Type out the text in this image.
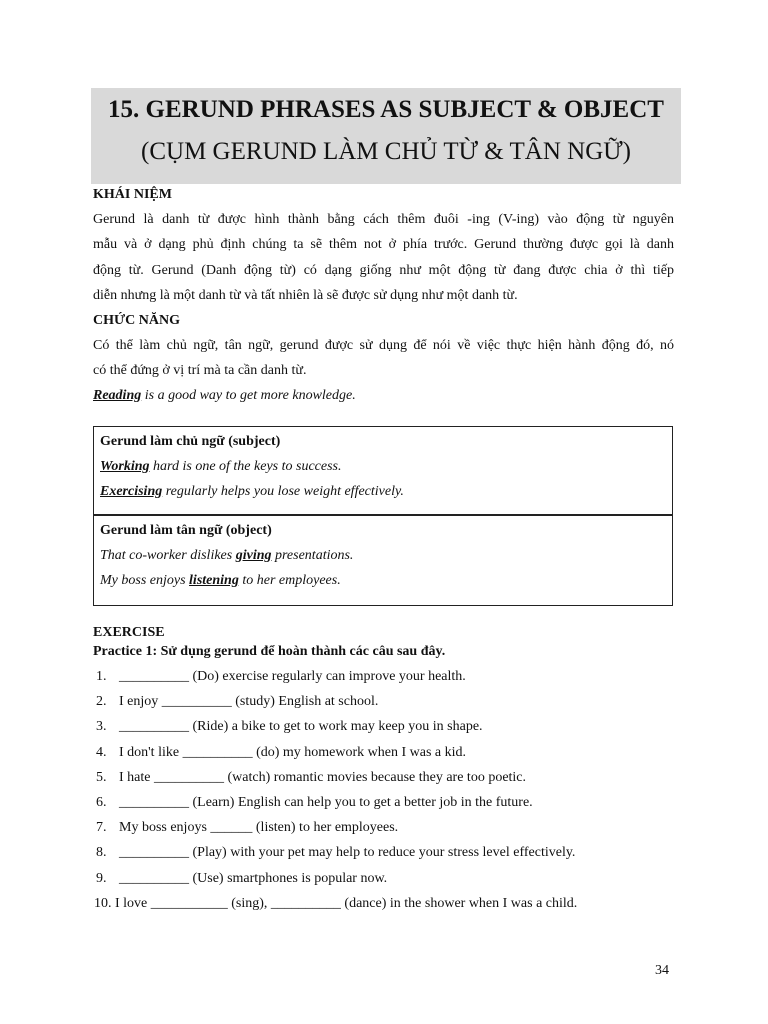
15. GERUND PHRASES AS SUBJECT & OBJECT
(CỤM GERUND LÀM CHỦ TỪ & TÂN NGỮ)
KHÁI NIỆM
Gerund là danh từ được hình thành bằng cách thêm đuôi -ing (V-ing) vào động từ nguyên
mẫu và ở dạng phủ định chúng ta sẽ thêm not ở phía trước. Gerund thường được gọi là danh
động từ. Gerund (Danh động từ) có dạng giống như một động từ đang được chia ở thì tiếp
diễn nhưng là một danh từ và tất nhiên là sẽ được sử dụng như một danh từ.
CHỨC NĂNG
Có thể làm chủ ngữ, tân ngữ, gerund được sử dụng để nói về việc thực hiện hành động đó, nó
có thể đứng ở vị trí mà ta cần danh từ.
Reading is a good way to get more knowledge.
Gerund làm chủ ngữ (subject)
Working hard is one of the keys to success.
Exercising regularly helps you lose weight effectively.
Gerund làm tân ngữ (object)
That co-worker dislikes giving presentations.
My boss enjoys listening to her employees.
EXERCISE
Practice 1: Sử dụng gerund để hoàn thành các câu sau đây.
1. __________ (Do) exercise regularly can improve your health.
2. I enjoy __________ (study) English at school.
3. __________ (Ride) a bike to get to work may keep you in shape.
4. I don't like __________ (do) my homework when I was a kid.
5. I hate __________ (watch) romantic movies because they are too poetic.
6. __________ (Learn) English can help you to get a better job in the future.
7. My boss enjoys ______ (listen) to her employees.
8. __________ (Play) with your pet may help to reduce your stress level effectively.
9. __________ (Use) smartphones is popular now.
10. I love ___________ (sing), __________ (dance) in the shower when I was a child.
34
